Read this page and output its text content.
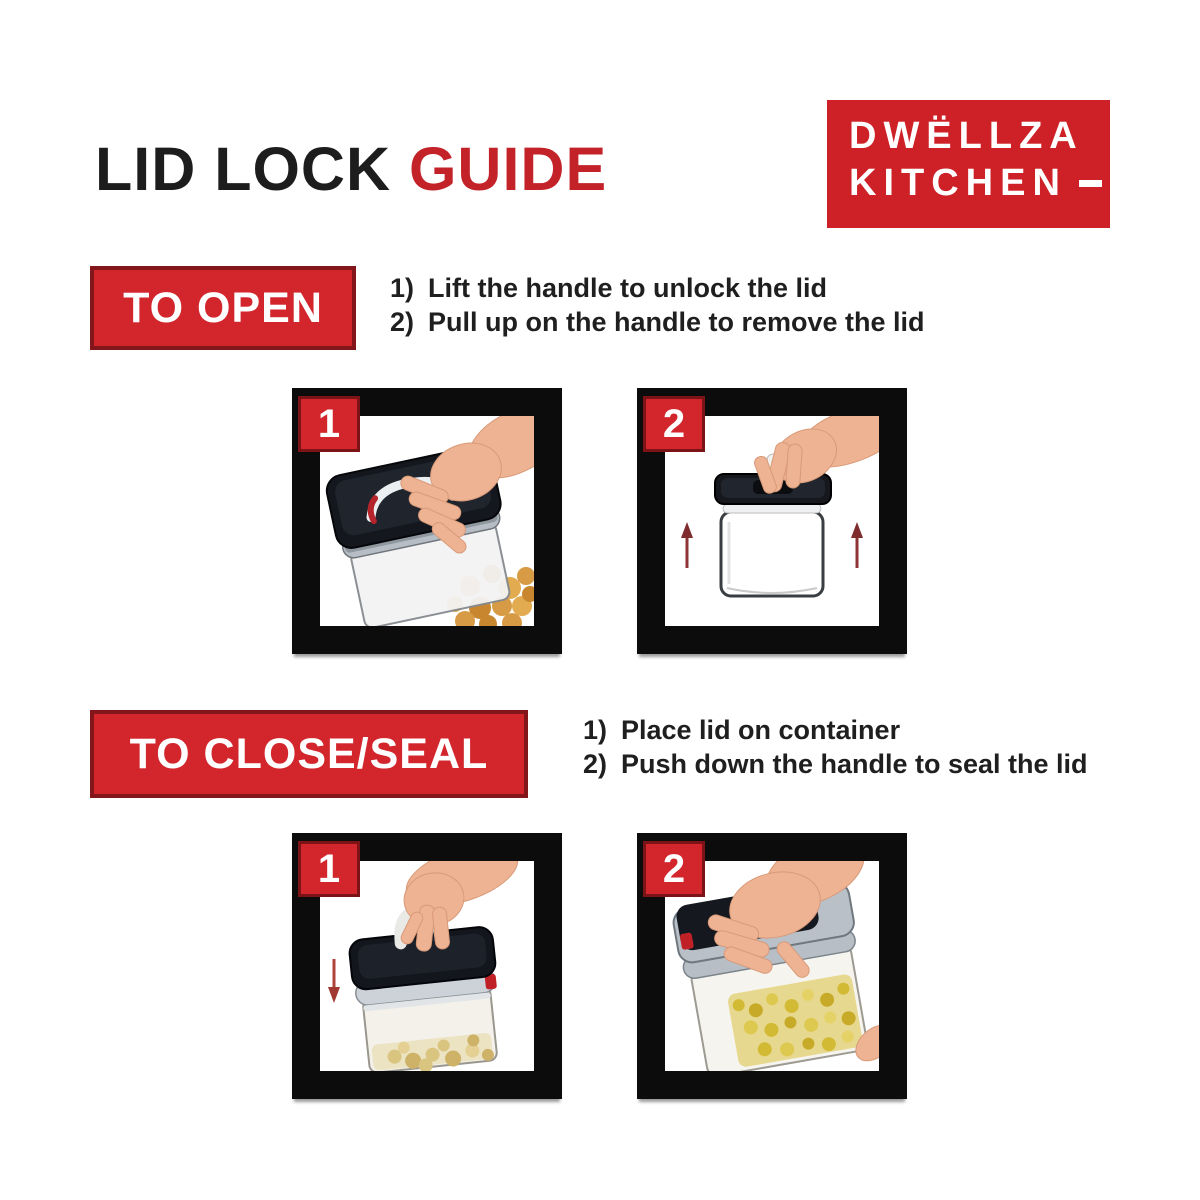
LID LOCK GUIDE	DWËLLZA
KITCHEN
TO OPEN 1) Lift the handle to unlock the lid
2) Pull up on the handle to remove the lid
1	2
TO CLOSE/SEAL	1) Place lid on container
2) Push down the handle to seal the lid
1	2
